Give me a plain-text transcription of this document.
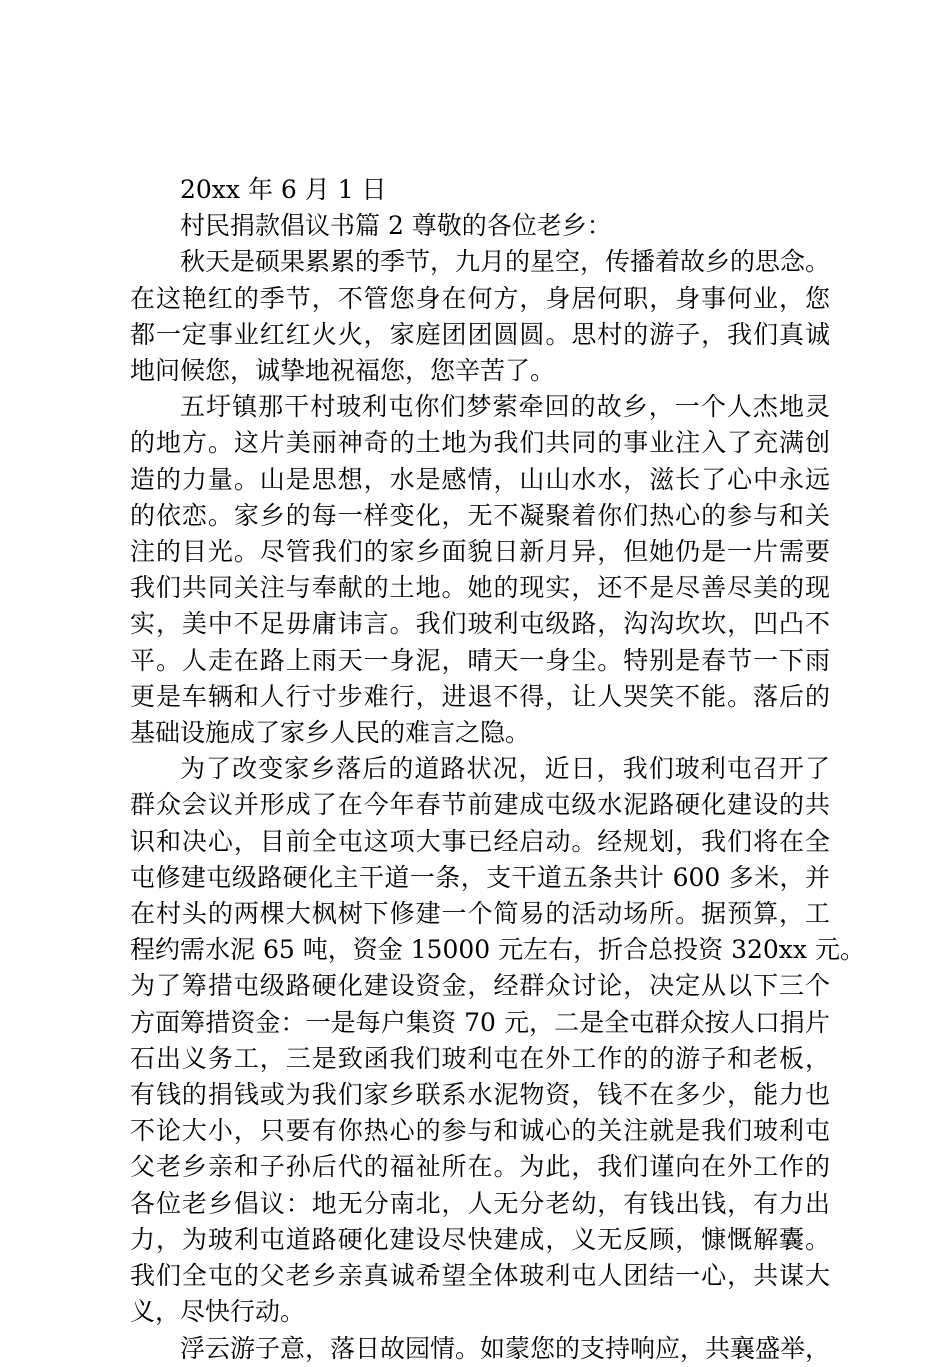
20xx 年 6 月 1 日
村民捐款倡议书篇 2 尊敬的各位老乡：
秋天是硕果累累的季节，九月的星空，传播着故乡的思念。
在这艳红的季节，不管您身在何方，身居何职，身事何业，您
都一定事业红红火火，家庭团团圆圆。思村的游子，我们真诚
地问候您，诚挚地祝福您，您辛苦了。
五圩镇那干村玻利屯你们梦萦牵回的故乡，一个人杰地灵
的地方。这片美丽神奇的土地为我们共同的事业注入了充满创
造的力量。山是思想，水是感情，山山水水，滋长了心中永远
的依恋。家乡的每一样变化，无不凝聚着你们热心的参与和关
注的目光。尽管我们的家乡面貌日新月异，但她仍是一片需要
我们共同关注与奉献的土地。她的现实，还不是尽善尽美的现
实，美中不足毋庸讳言。我们玻利屯级路，沟沟坎坎，凹凸不
平。人走在路上雨天一身泥，晴天一身尘。特别是春节一下雨
更是车辆和人行寸步难行，进退不得，让人哭笑不能。落后的
基础设施成了家乡人民的难言之隐。
为了改变家乡落后的道路状况，近日，我们玻利屯召开了
群众会议并形成了在今年春节前建成屯级水泥路硬化建设的共
识和决心，目前全屯这项大事已经启动。经规划，我们将在全
屯修建屯级路硬化主干道一条，支干道五条共计 600 多米，并
在村头的两棵大枫树下修建一个简易的活动场所。据预算，工
程约需水泥 65 吨，资金 15000 元左右，折合总投资 320xx 元。
为了筹措屯级路硬化建设资金，经群众讨论，决定从以下三个
方面筹措资金：一是每户集资 70 元，二是全屯群众按人口捐片
石出义务工，三是致函我们玻利屯在外工作的的游子和老板，
有钱的捐钱或为我们家乡联系水泥物资，钱不在多少，能力也
不论大小，只要有你热心的参与和诚心的关注就是我们玻利屯
父老乡亲和子孙后代的福祉所在。为此，我们谨向在外工作的
各位老乡倡议：地无分南北，人无分老幼，有钱出钱，有力出
力，为玻利屯道路硬化建设尽快建成，义无反顾，慷慨解囊。
我们全屯的父老乡亲真诚希望全体玻利屯人团结一心，共谋大
义，尽快行动。
浮云游子意，落日故园情。如蒙您的支持响应，共襄盛举，
